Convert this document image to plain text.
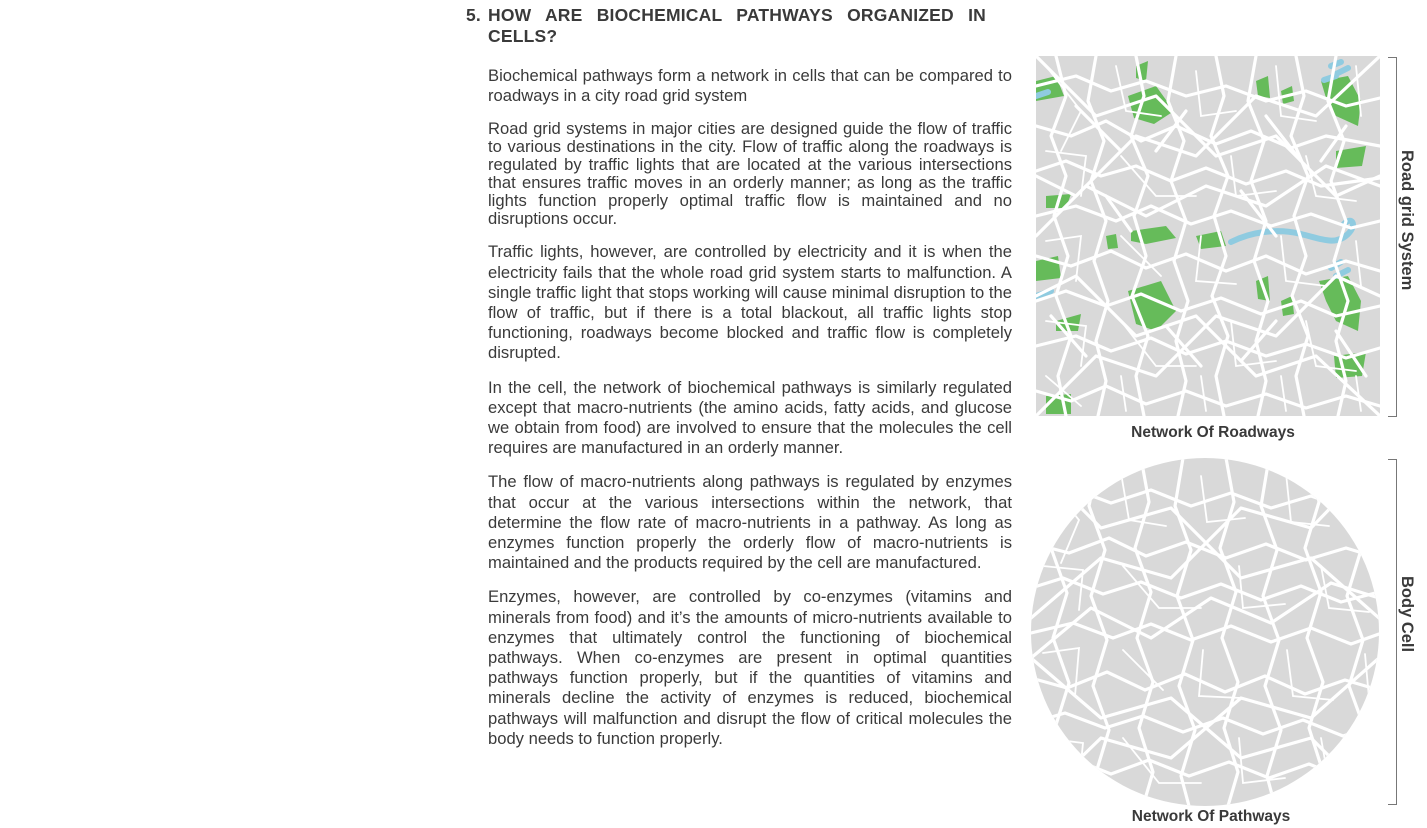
5. HOW ARE BIOCHEMICAL PATHWAYS ORGANIZED IN CELLS?

Biochemical pathways form a network in cells that can be compared to roadways in a city road grid system

Road grid systems in major cities are designed guide the flow of traffic to various destinations in the city. Flow of traffic along the roadways is regulated by traffic lights that are located at the various intersections that ensures traffic moves in an orderly manner; as long as the traffic lights function properly optimal traffic flow is maintained and no disruptions occur.

Traffic lights, however, are controlled by electricity and it is when the electricity fails that the whole road grid system starts to malfunction. A single traffic light that stops working will cause minimal disruption to the flow of traffic, but if there is a total blackout, all traffic lights stop functioning, roadways become blocked and traffic flow is completely disrupted.

In the cell, the network of biochemical pathways is similarly regulated except that macro-nutrients (the amino acids, fatty acids, and glucose we obtain from food) are involved to ensure that the molecules the cell requires are manufactured in an orderly manner.

The flow of macro-nutrients along pathways is regulated by enzymes that occur at the various intersections within the network, that determine the flow rate of macro-nutrients in a pathway. As long as enzymes function properly the orderly flow of macro-nutrients is maintained and the products required by the cell are manufactured.

Enzymes, however, are controlled by co-enzymes (vitamins and minerals from food) and it’s the amounts of micro-nutrients available to enzymes that ultimately control the functioning of biochemical pathways. When co-enzymes are present in optimal quantities pathways function properly, but if the quantities of vitamins and minerals decline the activity of enzymes is reduced, biochemical pathways will malfunction and disrupt the flow of critical molecules the body needs to function properly.

Network Of Roadways
Road grid System
Network Of Pathways
Body Cell
